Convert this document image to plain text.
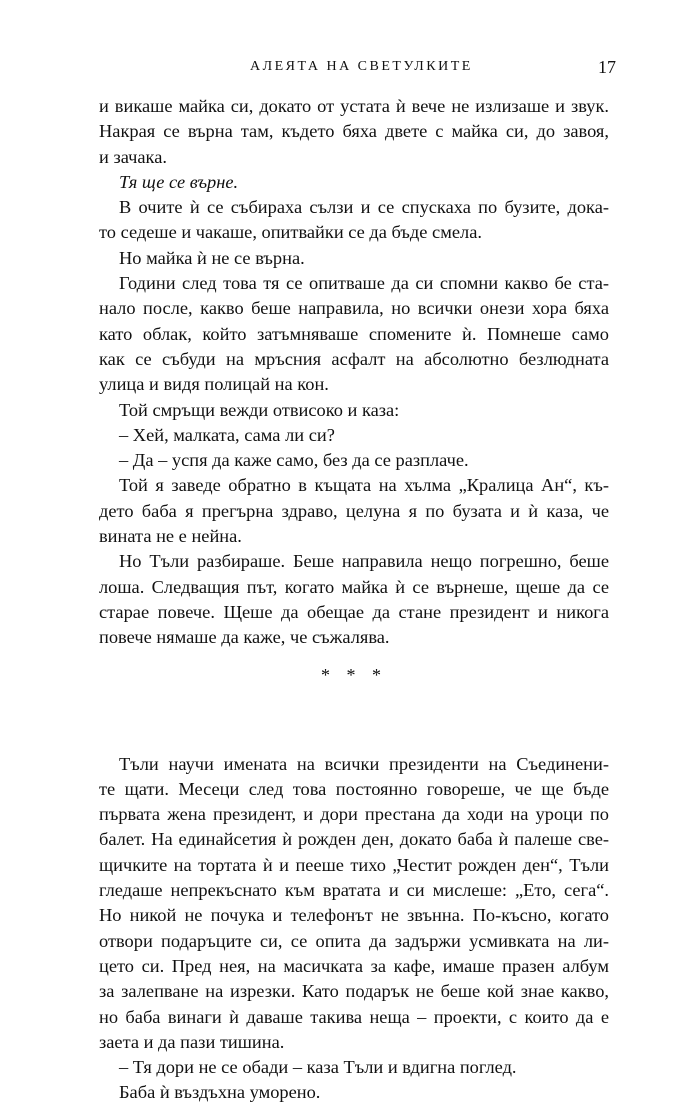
АЛЕЯТА НА СВЕТУЛКИТЕ	17
и викаше майка си, докато от устата ѝ вече не излизаше и звук.
Накрая се върна там, където бяха двете с майка си, до завоя,
и зачака.
Тя ще се върне.
В очите ѝ се събираха сълзи и се спускаха по бузите, дока-
то седеше и чакаше, опитвайки се да бъде смела.
Но майка ѝ не се върна.
Години след това тя се опитваше да си спомни какво бе ста-
нало после, какво беше направила, но всички онези хора бяха
като облак, който затъмняваше спомените ѝ. Помнеше само
как се събуди на мръсния асфалт на абсолютно безлюдната
улица и видя полицай на кон.
Той смръщи вежди отвисоко и каза:
– Хей, малката, сама ли си?
– Да – успя да каже само, без да се разплаче.
Той я заведе обратно в къщата на хълма „Кралица Ан“, къ-
дето баба я прегърна здраво, целуна я по бузата и ѝ каза, че
вината не е нейна.
Но Тъли разбираше. Беше направила нещо погрешно, беше
лоша. Следващия път, когато майка ѝ се върнеше, щеше да се
старае повече. Щеше да обещае да стане президент и никога
повече нямаше да каже, че съжалява.
* * *
Тъли научи имената на всички президенти на Съединени-
те щати. Месеци след това постоянно говореше, че ще бъде
първата жена президент, и дори престана да ходи на уроци по
балет. На единайсетия ѝ рожден ден, докато баба ѝ палеше све-
щичките на тортата ѝ и пееше тихо „Честит рожден ден“, Тъли
гледаше непрекъснато към вратата и си мислеше: „Ето, сега“.
Но никой не почука и телефонът не звънна. По-късно, когато
отвори подаръците си, се опита да задържи усмивката на ли-
цето си. Пред нея, на масичката за кафе, имаше празен албум
за залепване на изрезки. Като подарък не беше кой знае какво,
но баба винаги ѝ даваше такива неща – проекти, с които да е
заета и да пази тишина.
– Тя дори не се обади – каза Тъли и вдигна поглед.
Баба ѝ въздъхна уморено.
